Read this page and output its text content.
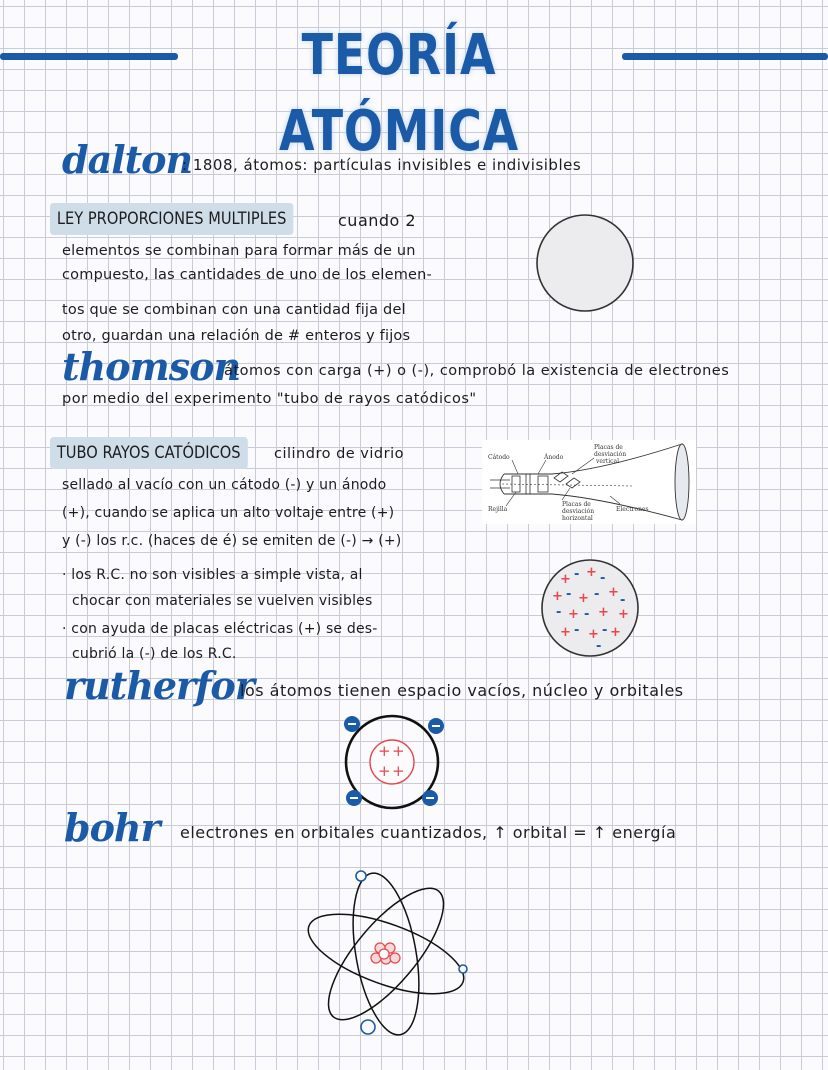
TEORÍA ATÓMICA
dalton
: 1808, átomos: partículas invisibles e indivisibles
LEY PROPORCIONES MULTIPLES	cuando 2
elementos se combinan para formar más de un
compuesto, las cantidades de uno de los elemen-
tos que se combinan con una cantidad fija del
otro, guardan una relación de # enteros y fijos
thomson
átomos con carga (+) o (-), comprobó la existencia de electrones
por medio del experimento "tubo de rayos catódicos"
TUBO RAYOS CATÓDICOS	cilindro de vidrio
sellado al vacío con un cátodo (-) y un ánodo
(+), cuando se aplica un alto voltaje entre (+)
y (-) los r.c. (haces de é) se emiten de (-) → (+)
· los R.C. no son visibles a simple vista, al
chocar con materiales se vuelven visibles
· con ayuda de placas eléctricas (+) se des-
cubrió la (-) de los R.C.
Cátodo	Ánodo
Placas de
desviación
vertical
Rejilla
Placas de
desviación
horizontal
Electrones
+ - + -
+ - + - +
-
- + - + +
+ - + - +
-
rutherfor
los átomos tienen espacio vacíos, núcleo y orbitales
+ +
+ +
bohr electrones en orbitales cuantizados, ↑ orbital = ↑ energía
